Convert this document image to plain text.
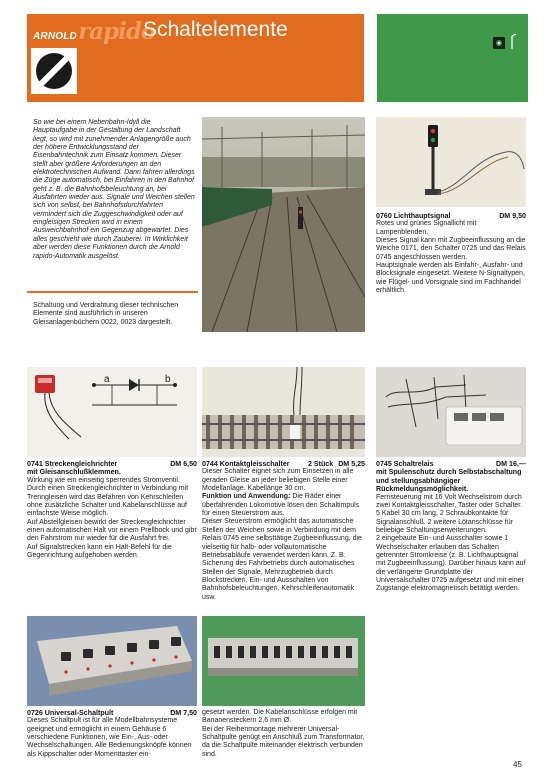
ARNOLDrapido
Schaltelemente
So wie bei einem Nebenbahn-Idyll die Hauptaufgabe in der Gestaltung der Landschaft liegt, so wird mit zunehmender Anlagengröße auch der höhere Entwicklungsstand der Eisenbahntechnik zum Einsatz kommen. Dieser stellt aber größere Anforderungen an den elektrotechnischen Aufwand. Dann fahren allerdings die Züge automatisch, bei Einfahren in den Bahnhof geht z. B. die Bahnhofsbeleuchtung an, bei Ausfahrten wieder aus. Signale und Weichen stellen sich von selbst, bei Bahnhofsdurchfahrten vermindert sich die Zuggeschwindigkeit oder auf eingleisigen Strecken wird in einem Ausweichbahnhof ein Gegenzug abgewartet. Dies alles geschieht wie durch Zauberei. In Wirklichkeit aber werden diese Funktionen durch die Arnold rapido-Automatik ausgelöst.
Schaltung und Verdrahtung dieser technischen Elemente sind ausführlich in unseren Gleisanlagenbüchern 0022, 0023 dargestellt.
DM 9,50
0760 Lichthauptsignal
Rotes und grünes Signallicht mit Lampenblenden.
Dieses Signal kann mit Zugbeeinflussung an die Weiche 0171, den Schalter 0725 und das Relais 0745 angeschlossen werden.
Hauptsignale werden als Einfahr-, Ausfahr- und Blocksignale eingesetzt. Weitere N-Signaltypen, wie Flügel- und Vorsignale sind im Fachhandel erhältlich.
a	b
DM 6,50
0741 Streckengleichrichter
mit Gleisanschlußklemmen.
Wirkung wie ein einseitig sperrendes Stromventil. Durch einen Streckengleichrichter in Verbindung mit Trenngleisen wird das Befahren von Kehrschleifen ohne zusätzliche Schalter und Kabelanschlüsse auf einfachste Weise möglich.
Auf Abstellgleisen bewirkt der Streckengleichrichter einen automatischen Halt vor einem Prellbock und gibt den Fahrstrom nur wieder für die Ausfahrt frei.
Auf Signalstrecken kann ein Halt-Befehl für die Gegenrichtung aufgehoben werden.
DM 5,25
2 Stück
0744 Kontaktgleisschalter
Dieser Schalter eignet sich zum Einsetzen in alle geraden Gleise an jeder beliebigen Stelle einer Modellanlage. Kabellänge 30 cm.
Funktion und Anwendung: Die Räder einer überfahrenden Lokomotive lösen den Schaltimpuls für einen Steuerstrom aus.
Dieser Steuerstrom ermöglicht das automatische Stellen der Weichen sowie in Verbindung mit dem Relais 0745 eine selbsttätige Zugbeeinflussung, die vielseitig für halb- oder vollautomatische Betriebsabläufe verwendet werden kann. Z. B. Sicherung des Fahrbetriebs durch automatisches Stellen der Signale, Mehrzugbetrieb durch Blockstrecken, Ein- und Ausschalten von Bahnhofsbeleuchtungen, Kehrschleifenautomatik usw.
DM 16,—
0745 Schaltrelais
mit Spulenschutz durch Selbstabschaltung und stellungsabhängiger Rückmeldungsmöglichkeit.
Fernsteuerung mit 16 Volt Wechselstrom durch zwei Kontaktgleisschalter, Taster oder Schalter. 5 Kabel 30 cm lang, 2 Schraubkontakte für Signalanschluß. 2 weitere Lötanschlüsse für beliebige Schaltungserweiterungen.
2 eingebaute Ein- und Ausschalter sowie 1 Wechselschalter erlauben das Schalten getrennter Stromkreise (z. B. Lichthauptsignal mit Zugbeeinflussung). Darüber hinaus kann auf die verlängerte Grundplatte der Universalschalter 0725 aufgesetzt und mit einer Zugstange elektromagnetisch betätigt werden.
DM 7,50
0726 Universal-Schaltpult
Dieses Schaltpult ist für alle Modellbahnsysteme geeignet und ermöglicht in einem Gehäuse 6 verschiedene Funktionen, wie Ein-, Aus- oder Wechselschaltungen. Alle Bedienungsknöpfe können als Kippschalter oder Momenttaster ein-
gesetzt werden. Die Kabelanschlüsse erfolgen mit Bananensteckern 2,6 mm Ø.
Bei der Reihenmontage mehrerer Universal-Schaltpulte genügt ein Anschluß zum Transformator, da die Schaltpulte miteinander elektrisch verbunden sind.
45
